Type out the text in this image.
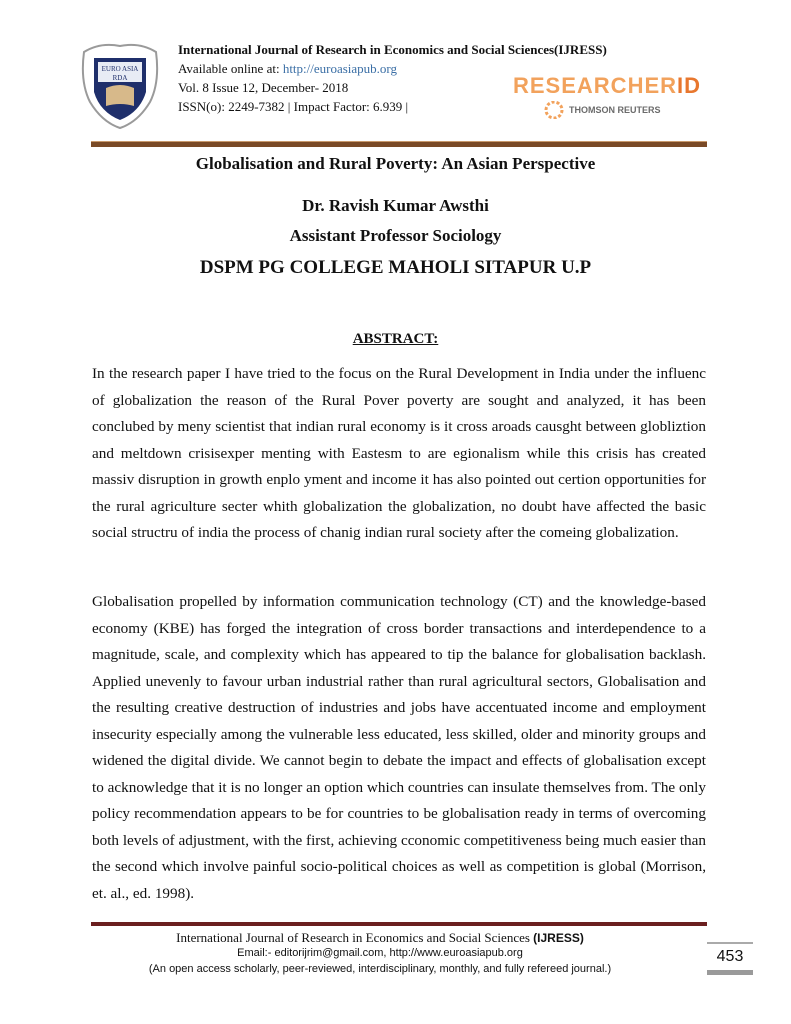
EURO ASIA
RDA
International Journal of Research in Economics and Social Sciences(IJRESS)
Available online at: http://euroasiapub.org
Vol. 8 Issue 12, December- 2018
ISSN(o): 2249-7382 | Impact Factor: 6.939 |
RESEARCHERID
THOMSON REUTERS
Globalisation and Rural Poverty: An Asian Perspective
Dr. Ravish Kumar Awsthi
Assistant Professor Sociology
DSPM PG COLLEGE MAHOLI SITAPUR U.P
ABSTRACT:
In the research paper I have tried to the focus on the Rural Development in India under the influenc of globalization the reason of the Rural Pover poverty are sought and analyzed, it has been conclubed by meny scientist that indian rural economy is it cross aroads causght between globliztion and meltdown crisisexper menting with Eastesm to are egionalism while this crisis has created massiv disruption in growth enplo yment and income it has also pointed out certion opportunities for the rural agriculture secter whith globalization the globalization, no doubt have affected the basic social structru of india the process of chanig indian rural society after the comeing globalization.
Globalisation propelled by information communication technology (CT) and the knowledge-based economy (KBE) has forged the integration of cross border transactions and interdependence to a magnitude, scale, and complexity which has appeared to tip the balance for globalisation backlash. Applied unevenly to favour urban industrial rather than rural agricultural sectors, Globalisation and the resulting creative destruction of industries and jobs have accentuated income and employment insecurity especially among the vulnerable less educated, less skilled, older and minority groups and widened the digital divide. We cannot begin to debate the impact and effects of globalisation except to acknowledge that it is no longer an option which countries can insulate themselves from. The only policy recommendation appears to be for countries to be globalisation ready in terms of overcoming both levels of adjustment, with the first, achieving cconomic competitiveness being much easier than the second which involve painful socio-political choices as well as competition is global (Morrison, et. al., ed. 1998).
International Journal of Research in Economics and Social Sciences (IJRESS)
Email:- editorijrim@gmail.com, http://www.euroasiapub.org
(An open access scholarly, peer-reviewed, interdisciplinary, monthly, and fully refereed journal.)
453
